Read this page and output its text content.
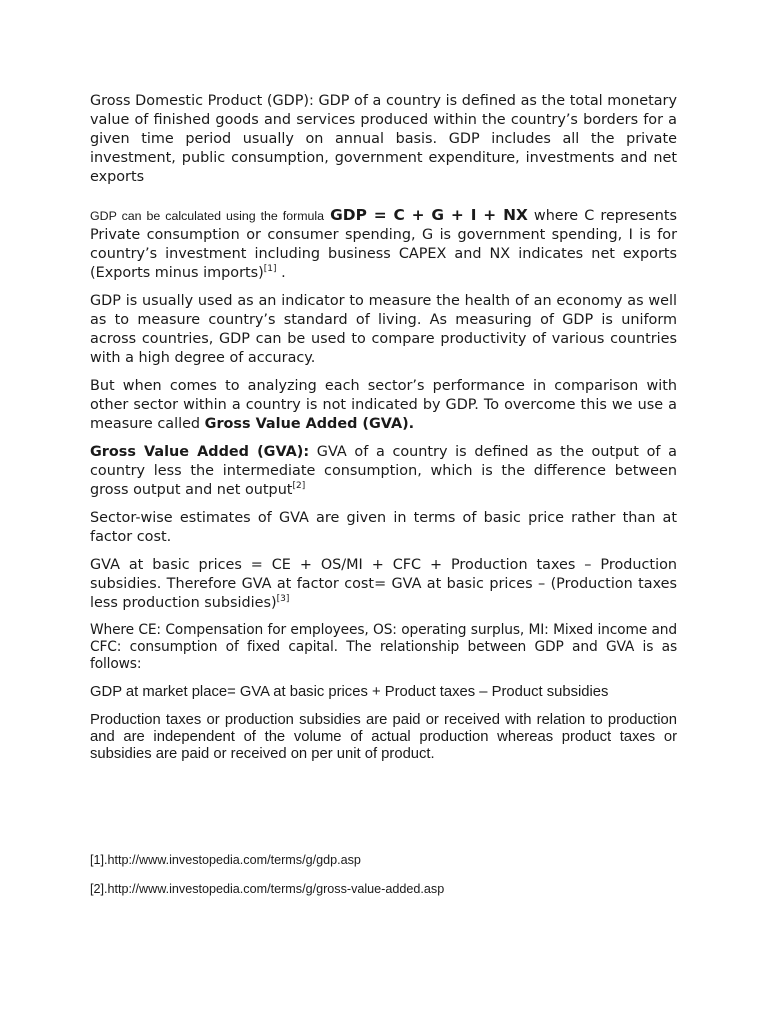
Gross Domestic Product (GDP): GDP of a country is defined as the total monetary value of finished goods and services produced within the country’s borders for a given time period usually on annual basis. GDP includes all the private investment, public consumption, government expenditure, investments and net exports

GDP can be calculated using the formula GDP = C + G + I + NX where C represents Private consumption or consumer spending, G is government spending, I is for country’s investment including business CAPEX and NX indicates net exports (Exports minus imports)[1] .

GDP is usually used as an indicator to measure the health of an economy as well as to measure country’s standard of living. As measuring of GDP is uniform across countries, GDP can be used to compare productivity of various countries with a high degree of accuracy.

But when comes to analyzing each sector’s performance in comparison with other sector within a country is not indicated by GDP. To overcome this we use a measure called Gross Value Added (GVA).

Gross Value Added (GVA): GVA of a country is defined as the output of a country less the intermediate consumption, which is the difference between gross output and net output[2]

Sector-wise estimates of GVA are given in terms of basic price rather than at factor cost.

GVA at basic prices = CE + OS/MI + CFC + Production taxes – Production subsidies. Therefore GVA at factor cost= GVA at basic prices – (Production taxes less production subsidies)[3]

Where CE: Compensation for employees, OS: operating surplus, MI: Mixed income and CFC: consumption of fixed capital. The relationship between GDP and GVA is as follows:

GDP at market place= GVA at basic prices + Product taxes – Product subsidies

Production taxes or production subsidies are paid or received with relation to production and are independent of the volume of actual production whereas product taxes or subsidies are paid or received on per unit of product.

[1].http://www.investopedia.com/terms/g/gdp.asp
[2].http://www.investopedia.com/terms/g/gross-value-added.asp
